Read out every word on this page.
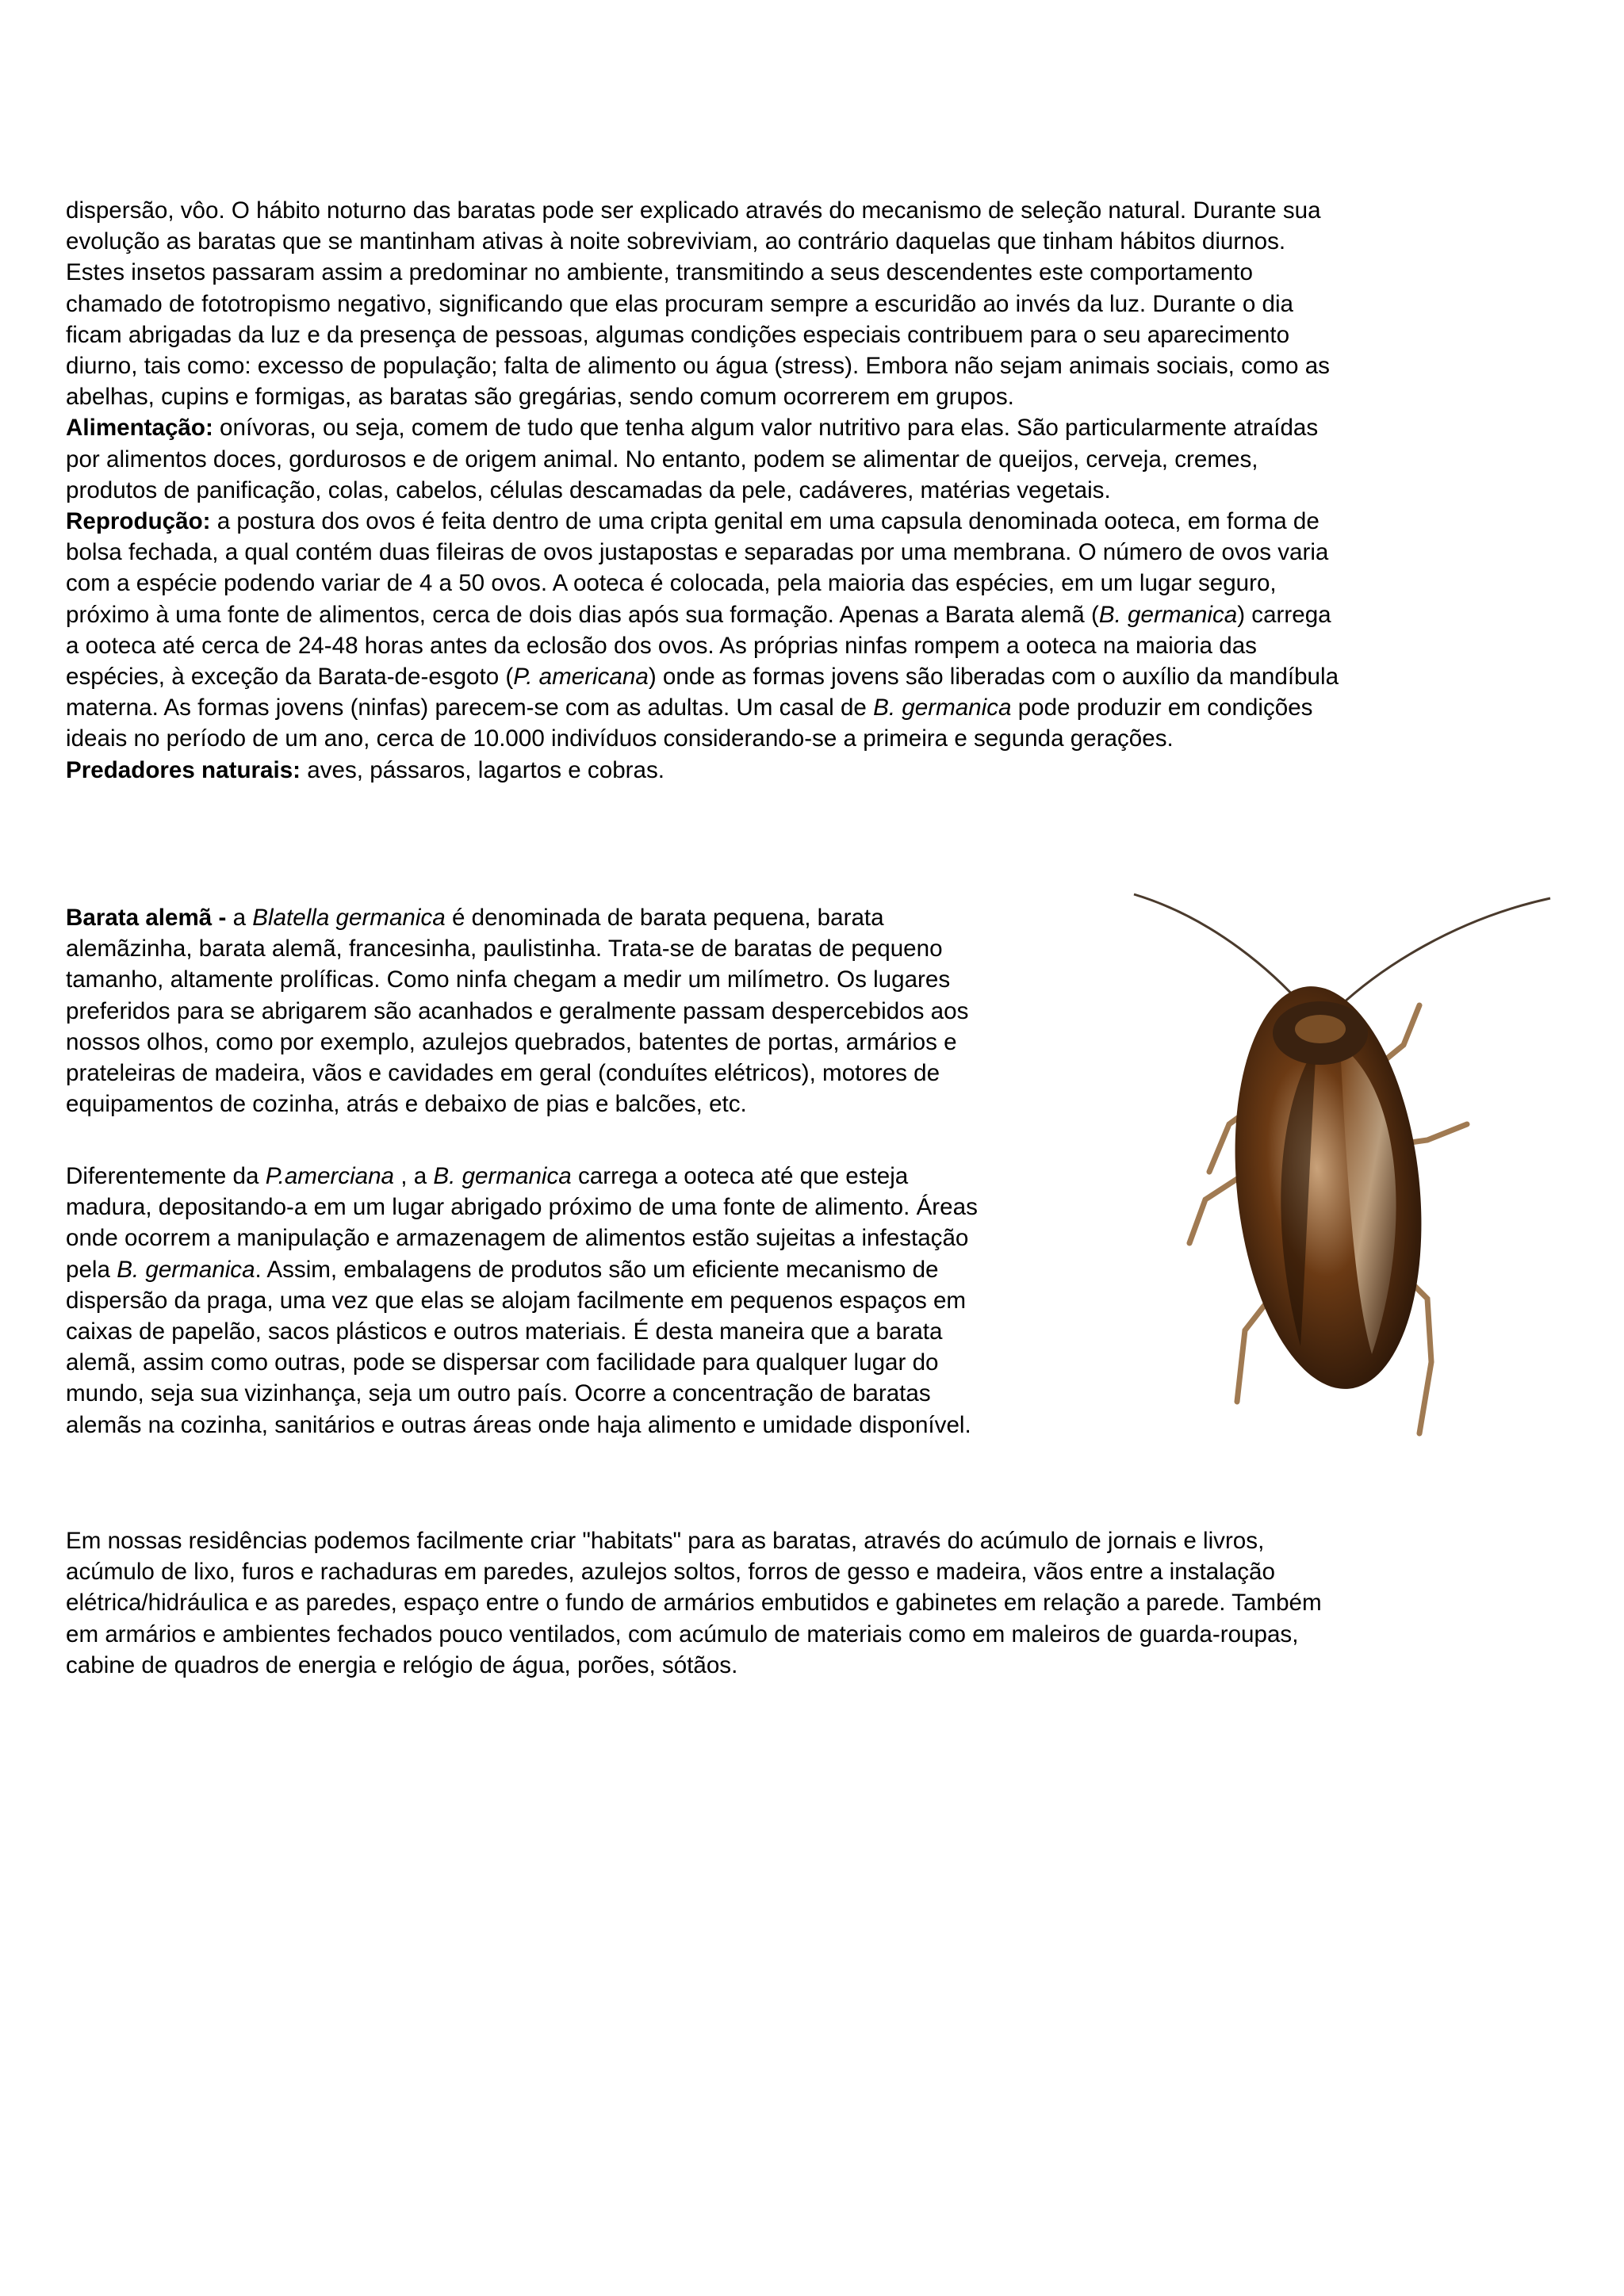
dispersão, vôo. O hábito noturno das baratas pode ser explicado através do mecanismo de seleção natural. Durante sua
evolução as baratas que se mantinham ativas à noite sobreviviam, ao contrário daquelas que tinham hábitos diurnos.
Estes insetos passaram assim a predominar no ambiente, transmitindo a seus descendentes este comportamento
chamado de fototropismo negativo, significando que elas procuram sempre a escuridão ao invés da luz. Durante o dia
ficam abrigadas da luz e da presença de pessoas, algumas condições especiais contribuem para o seu aparecimento
diurno, tais como: excesso de população; falta de alimento ou água (stress). Embora não sejam animais sociais, como as
abelhas, cupins e formigas, as baratas são gregárias, sendo comum ocorrerem em grupos.
Alimentação: onívoras, ou seja, comem de tudo que tenha algum valor nutritivo para elas. São particularmente atraídas
por alimentos doces, gordurosos e de origem animal. No entanto, podem se alimentar de queijos, cerveja, cremes,
produtos de panificação, colas, cabelos, células descamadas da pele, cadáveres, matérias vegetais.
Reprodução: a postura dos ovos é feita dentro de uma cripta genital em uma capsula denominada ooteca, em forma de
bolsa fechada, a qual contém duas fileiras de ovos justapostas e separadas por uma membrana. O número de ovos varia
com a espécie podendo variar de 4 a 50 ovos. A ooteca é colocada, pela maioria das espécies, em um lugar seguro,
próximo à uma fonte de alimentos, cerca de dois dias após sua formação. Apenas a Barata alemã (B. germanica) carrega
a ooteca até cerca de 24-48 horas antes da eclosão dos ovos. As próprias ninfas rompem a ooteca na maioria das
espécies, à exceção da Barata-de-esgoto (P. americana) onde as formas jovens são liberadas com o auxílio da mandíbula
materna. As formas jovens (ninfas) parecem-se com as adultas. Um casal de B. germanica pode produzir em condições
ideais no período de um ano, cerca de 10.000 indivíduos considerando-se a primeira e segunda gerações.
Predadores naturais: aves, pássaros, lagartos e cobras.
Barata alemã - a Blatella germanica é denominada de barata pequena, barata
alemãzinha, barata alemã, francesinha, paulistinha. Trata-se de baratas de pequeno
tamanho, altamente prolíficas. Como ninfa chegam a medir um milímetro. Os lugares
preferidos para se abrigarem são acanhados e geralmente passam despercebidos aos
nossos olhos, como por exemplo, azulejos quebrados, batentes de portas, armários e
prateleiras de madeira, vãos e cavidades em geral (conduítes elétricos), motores de
equipamentos de cozinha, atrás e debaixo de pias e balcões, etc.
Diferentemente da P.amerciana , a B. germanica carrega a ooteca até que esteja
madura, depositando-a em um lugar abrigado próximo de uma fonte de alimento. Áreas
onde ocorrem a manipulação e armazenagem de alimentos estão sujeitas a infestação
pela B. germanica. Assim, embalagens de produtos são um eficiente mecanismo de
dispersão da praga, uma vez que elas se alojam facilmente em pequenos espaços em
caixas de papelão, sacos plásticos e outros materiais. É desta maneira que a barata
alemã, assim como outras, pode se dispersar com facilidade para qualquer lugar do
mundo, seja sua vizinhança, seja um outro país. Ocorre a concentração de baratas
alemãs na cozinha, sanitários e outras áreas onde haja alimento e umidade disponível.
Em nossas residências podemos facilmente criar "habitats" para as baratas, através do acúmulo de jornais e livros,
acúmulo de lixo, furos e rachaduras em paredes, azulejos soltos, forros de gesso e madeira, vãos entre a instalação
elétrica/hidráulica e as paredes, espaço entre o fundo de armários embutidos e gabinetes em relação a parede. Também
em armários e ambientes fechados pouco ventilados, com acúmulo de materiais como em maleiros de guarda-roupas,
cabine de quadros de energia e relógio de água, porões, sótãos.
